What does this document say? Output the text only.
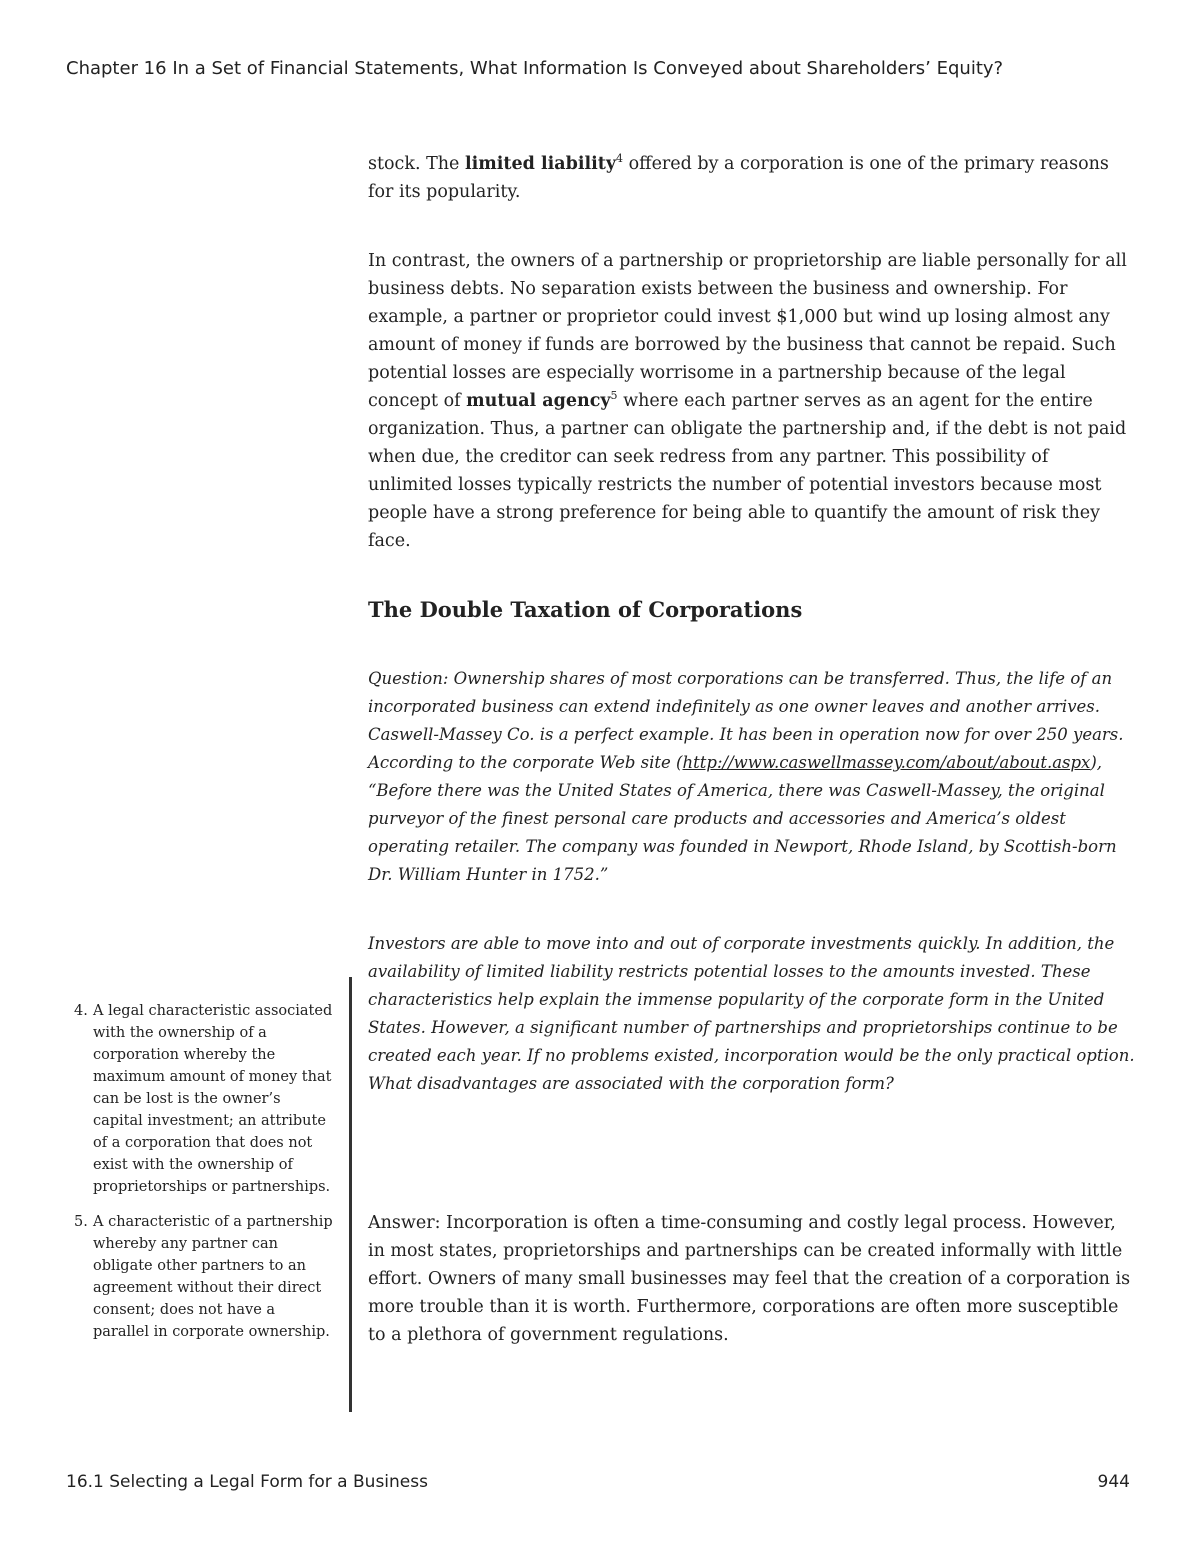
Chapter 16 In a Set of Financial Statements, What Information Is Conveyed about Shareholders’ Equity?

stock. The limited liability$^4$ offered by a corporation is one of the primary reasons for its popularity.

In contrast, the owners of a partnership or proprietorship are liable personally for all business debts. No separation exists between the business and ownership. For example, a partner or proprietor could invest $1,000 but wind up losing almost any amount of money if funds are borrowed by the business that cannot be repaid. Such potential losses are especially worrisome in a partnership because of the legal concept of mutual agency$^5$ where each partner serves as an agent for the entire organization. Thus, a partner can obligate the partnership and, if the debt is not paid when due, the creditor can seek redress from any partner. This possibility of unlimited losses typically restricts the number of potential investors because most people have a strong preference for being able to quantify the amount of risk they face.

The Double Taxation of Corporations

Question: Ownership shares of most corporations can be transferred. Thus, the life of an incorporated business can extend indefinitely as one owner leaves and another arrives. Caswell-Massey Co. is a perfect example. It has been in operation now for over 250 years. According to the corporate Web site (http://www.caswellmassey.com/about/about.aspx), “Before there was the United States of America, there was Caswell-Massey, the original purveyor of the finest personal care products and accessories and America’s oldest operating retailer. The company was founded in Newport, Rhode Island, by Scottish-born Dr. William Hunter in 1752.”

Investors are able to move into and out of corporate investments quickly. In addition, the availability of limited liability restricts potential losses to the amounts invested. These characteristics help explain the immense popularity of the corporate form in the United States. However, a significant number of partnerships and proprietorships continue to be created each year. If no problems existed, incorporation would be the only practical option. What disadvantages are associated with the corporation form?

Answer: Incorporation is often a time-consuming and costly legal process. However, in most states, proprietorships and partnerships can be created informally with little effort. Owners of many small businesses may feel that the creation of a corporation is more trouble than it is worth. Furthermore, corporations are often more susceptible to a plethora of government regulations.

4. A legal characteristic associated with the ownership of a corporation whereby the maximum amount of money that can be lost is the owner’s capital investment; an attribute of a corporation that does not exist with the ownership of proprietorships or partnerships.
5. A characteristic of a partnership whereby any partner can obligate other partners to an agreement without their direct consent; does not have a parallel in corporate ownership.
16.1 Selecting a Legal Form for a Business	944
